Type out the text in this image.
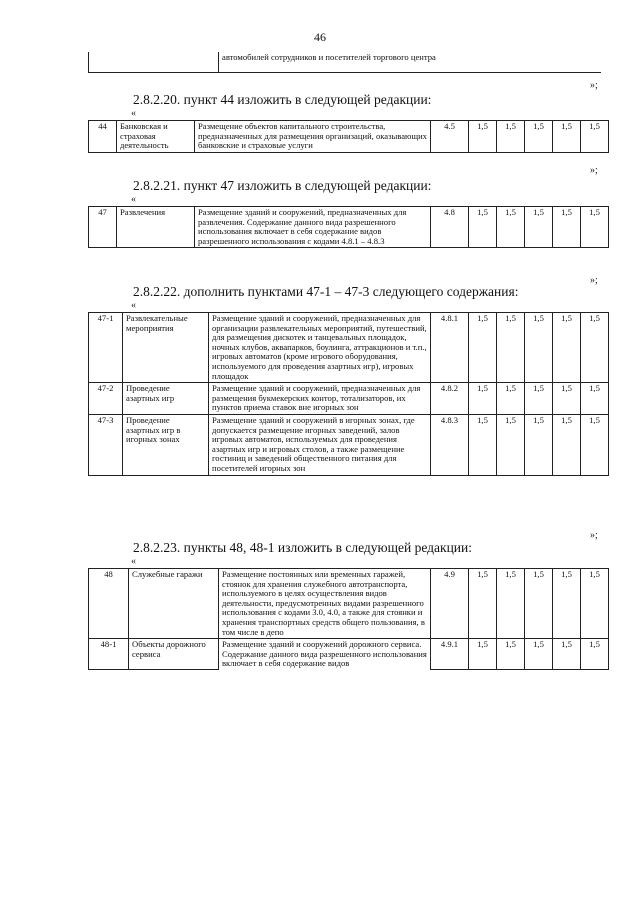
46
	автомобилей сотрудников и посетителей торгового центра
2.8.2.20. пункт 44 изложить в следующей редакции:
«
»;
44	Банковская и страховая деятельность	Размещение объектов капитального строительства, предназначенных для размещения организаций, оказывающих банковские и страховые услуги	4.5	1,5	1,5	1,5	1,5	1,5
»;
2.8.2.21. пункт 47 изложить в следующей редакции:
«
47	Развлечения	Размещение зданий и сооружений, предназначенных для развлечения. Содержание данного вида разрешенного использования включает в себя содержание видов разрешенного использования с кодами 4.8.1 – 4.8.3	4.8	1,5	1,5	1,5	1,5	1,5
»;
2.8.2.22. дополнить пунктами 47-1 – 47-3 следующего содержания:
«
47-1	Развлекательные мероприятия	Размещение зданий и сооружений, предназначенных для организации развлекательных мероприятий, путешествий, для размещения дискотек и танцевальных площадок, ночных клубов, аквапарков, боулинга, аттракционов и т.п., игровых автоматов (кроме игрового оборудования, используемого для проведения азартных игр), игровых площадок	4.8.1	1,5	1,5	1,5	1,5	1,5
47-2	Проведение азартных игр	Размещение зданий и сооружений, предназначенных для размещения букмекерских контор, тотализаторов, их пунктов приема ставок вне игорных зон	4.8.2	1,5	1,5	1,5	1,5	1,5
47-3	Проведение азартных игр в игорных зонах	Размещение зданий и сооружений в игорных зонах, где допускается размещение игорных заведений, залов игровых автоматов, используемых для проведения азартных игр и игровых столов, а также размещение гостиниц и заведений общественного питания для посетителей игорных зон	4.8.3	1,5	1,5	1,5	1,5	1,5
»;
2.8.2.23. пункты 48, 48-1 изложить в следующей редакции:
«
48	Служебные гаражи	Размещение постоянных или временных гаражей, стоянок для хранения служебного автотранспорта, используемого в целях осуществления видов деятельности, предусмотренных видами разрешенного использования с кодами 3.0, 4.0, а также для стоянки и хранения транспортных средств общего пользования, в том числе в депо	4.9	1,5	1,5	1,5	1,5	1,5
48-1	Объекты дорожного сервиса	Размещение зданий и сооружений дорожного сервиса. Содержание данного вида разрешенного использования включает в себя содержание видов	4.9.1	1,5	1,5	1,5	1,5	1,5
